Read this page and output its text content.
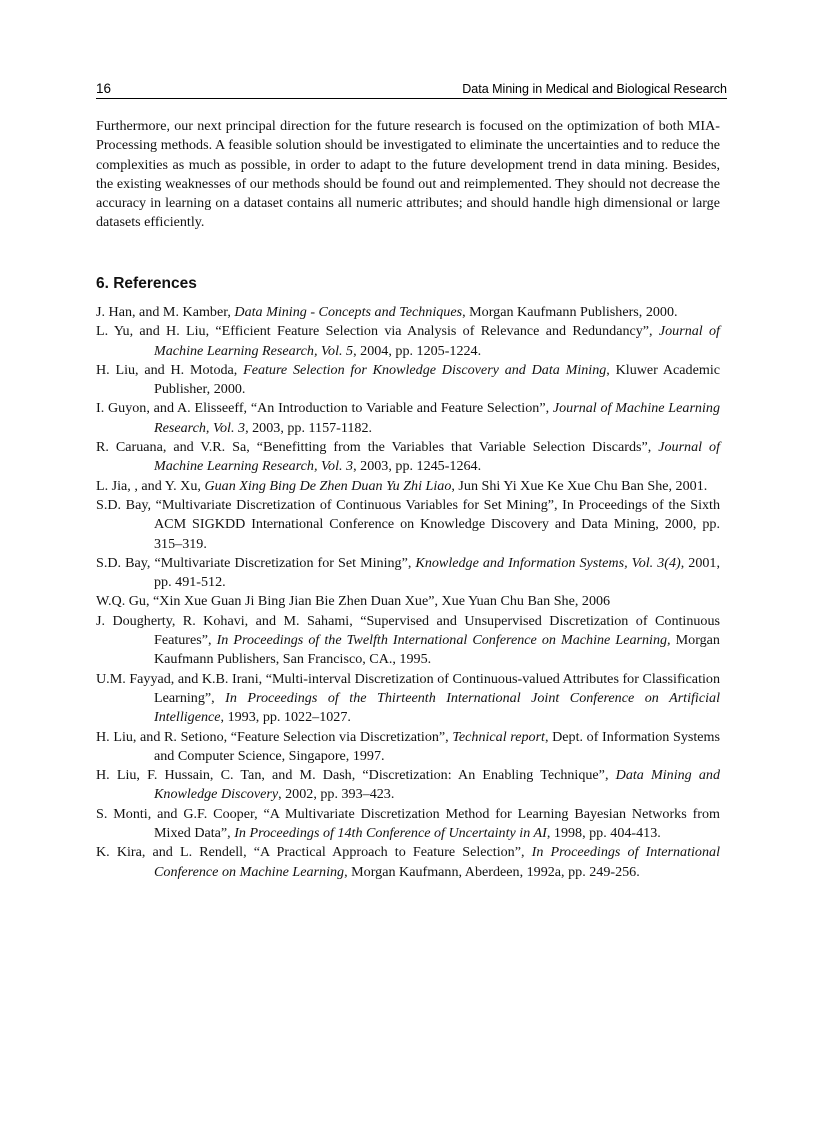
16	Data Mining in Medical and Biological Research

Furthermore, our next principal direction for the future research is focused on the optimization of both MIA-Processing methods. A feasible solution should be investigated to eliminate the uncertainties and to reduce the complexities as much as possible, in order to adapt to the future development trend in data mining. Besides, the existing weaknesses of our methods should be found out and reimplemented. They should not decrease the accuracy in learning on a dataset contains all numeric attributes; and should handle high dimensional or large datasets efficiently.

6. References
J. Han, and M. Kamber, Data Mining - Concepts and Techniques, Morgan Kaufmann Publishers, 2000.
L. Yu, and H. Liu, “Efficient Feature Selection via Analysis of Relevance and Redundancy”, Journal of Machine Learning Research, Vol. 5, 2004, pp. 1205-1224.
H. Liu, and H. Motoda, Feature Selection for Knowledge Discovery and Data Mining, Kluwer Academic Publisher, 2000.
I. Guyon, and A. Elisseeff, “An Introduction to Variable and Feature Selection”, Journal of Machine Learning Research, Vol. 3, 2003, pp. 1157-1182.
R. Caruana, and V.R. Sa, “Benefitting from the Variables that Variable Selection Discards”, Journal of Machine Learning Research, Vol. 3, 2003, pp. 1245-1264.
L. Jia, , and Y. Xu, Guan Xing Bing De Zhen Duan Yu Zhi Liao, Jun Shi Yi Xue Ke Xue Chu Ban She, 2001.
S.D. Bay, “Multivariate Discretization of Continuous Variables for Set Mining”, In Proceedings of the Sixth ACM SIGKDD International Conference on Knowledge Discovery and Data Mining, 2000, pp. 315–319.
S.D. Bay, “Multivariate Discretization for Set Mining”, Knowledge and Information Systems, Vol. 3(4), 2001, pp. 491-512.
W.Q. Gu, “Xin Xue Guan Ji Bing Jian Bie Zhen Duan Xue”, Xue Yuan Chu Ban She, 2006
J. Dougherty, R. Kohavi, and M. Sahami, “Supervised and Unsupervised Discretization of Continuous Features”, In Proceedings of the Twelfth International Conference on Machine Learning, Morgan Kaufmann Publishers, San Francisco, CA., 1995.
U.M. Fayyad, and K.B. Irani, “Multi-interval Discretization of Continuous-valued Attributes for Classification Learning”, In Proceedings of the Thirteenth International Joint Conference on Artificial Intelligence, 1993, pp. 1022–1027.
H. Liu, and R. Setiono, “Feature Selection via Discretization”, Technical report, Dept. of Information Systems and Computer Science, Singapore, 1997.
H. Liu, F. Hussain, C. Tan, and M. Dash, “Discretization: An Enabling Technique”, Data Mining and Knowledge Discovery, 2002, pp. 393–423.
S. Monti, and G.F. Cooper, “A Multivariate Discretization Method for Learning Bayesian Networks from Mixed Data”, In Proceedings of 14th Conference of Uncertainty in AI, 1998, pp. 404-413.
K. Kira, and L. Rendell, “A Practical Approach to Feature Selection”, In Proceedings of International Conference on Machine Learning, Morgan Kaufmann, Aberdeen, 1992a, pp. 249-256.
